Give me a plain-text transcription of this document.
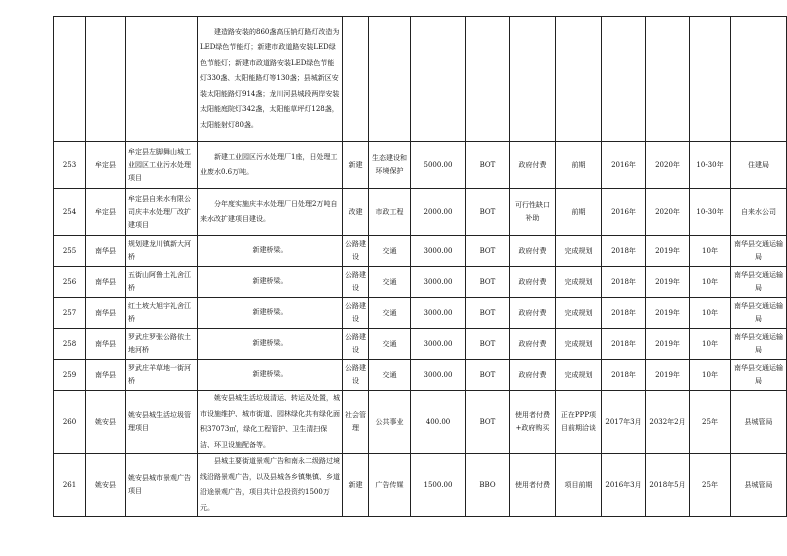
			建造路安装的860盏高压钠灯路灯改造为LED绿色节能灯；新建市政道路安装LED绿色节能灯；新建市政道路安装LED绿色节能灯330盏、太阳能路灯等130盏；县城新区安装太阳能路灯914盏；龙川河县城段两岸安装太阳能庭院灯342盏，太阳能草坪灯128盏，太阳能射灯80盏。										
253	牟定县	牟定县左脚舞山城工业园区工业污水处理项目	新建工业园区污水处理厂1座，日处理工业废水0.6万吨。	新建	生态建设和环境保护	5000.00	BOT	政府付费	前期	2016年	2020年	10-30年	住建局
254	牟定县	牟定县自来水有限公司庆丰水处理厂改扩建项目	分年度实施庆丰水处理厂日处理2万吨自来水改扩建项目建设。	改建	市政工程	2000.00	BOT	可行性缺口补助	前期	2016年	2020年	10-30年	自来水公司
255	南华县	规划建龙川镇新大河桥	新建桥梁。	公路建设	交通	3000.00	BOT	政府付费	完成规划	2018年	2019年	10年	南华县交通运输局
256	南华县	五街山阿鲁土礼舍江桥	新建桥梁。	公路建设	交通	3000.00	BOT	政府付费	完成规划	2018年	2019年	10年	南华县交通运输局
257	南华县	红土坡大旭宇礼舍江桥	新建桥梁。	公路建设	交通	3000.00	BOT	政府付费	完成规划	2018年	2019年	10年	南华县交通运输局
258	南华县	罗武庄罗张公路依土地河桥	新建桥梁。	公路建设	交通	3000.00	BOT	政府付费	完成规划	2018年	2019年	10年	南华县交通运输局
259	南华县	罗武庄羊草地一街河桥	新建桥梁。	公路建设	交通	3000.00	BOT	政府付费	完成规划	2018年	2019年	10年	南华县交通运输局
260	姚安县	姚安县城生活垃圾管理项目	姚安县城生活垃圾清运、转运及处置，城市设施维护、城市街道、园林绿化共有绿化面积37073㎡，绿化工程管护、卫生清扫保洁、环卫设施配备等。	社会管理	公共事业	400.00	BOT	使用者付费+政府购买	正在PPP项目前期洽谈	2017年3月	2032年2月	25年	县城管局
261	姚安县	姚安县城市景观广告项目	县城主要街道景观广告和南永二级路过境线沿路景观广告，以及县城各乡镇集镇、乡道沿途景观广告，项目共计总投资约1500万元。	新建	广告传媒	1500.00	BBO	使用者付费	项目前期	2016年3月	2018年5月	25年	县城管局
